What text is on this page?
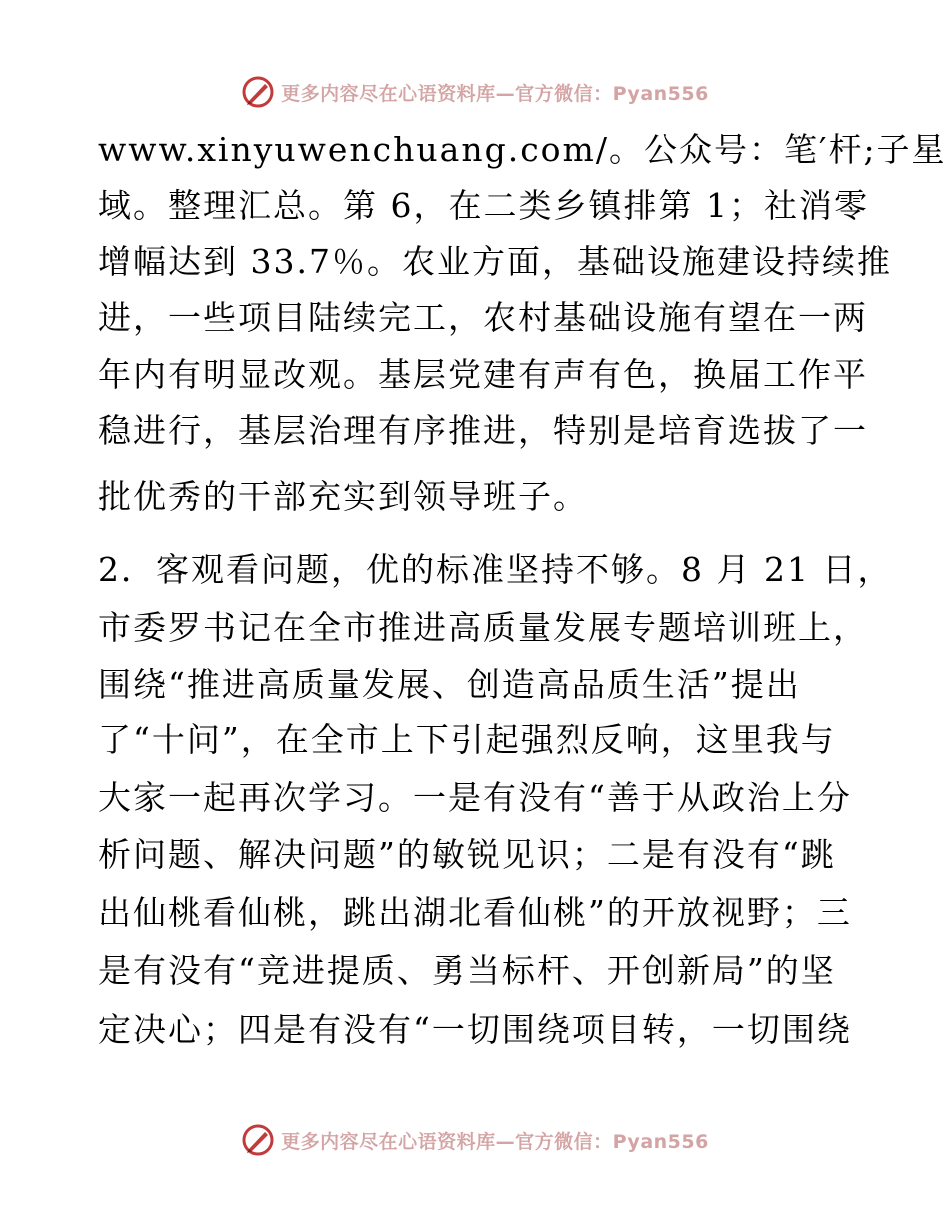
更多内容尽在心语资料库—官方微信：Pyan556
www.xinyuwenchuang.com/。公众号：笔′杆;子星
域。整理汇总。第 6，在二类乡镇排第 1；社消零
增幅达到 33.7％。农业方面，基础设施建设持续推
进，一些项目陆续完工，农村基础设施有望在一两
年内有明显改观。基层党建有声有色，换届工作平
稳进行，基层治理有序推进，特别是培育选拔了一
批优秀的干部充实到领导班子。
2．客观看问题，优的标准坚持不够。8 月 21 日，
市委罗书记在全市推进高质量发展专题培训班上，
围绕“推进高质量发展、创造高品质生活”提出
了“十问”，在全市上下引起强烈反响，这里我与
大家一起再次学习。一是有没有“善于从政治上分
析问题、解决问题”的敏锐见识；二是有没有“跳
出仙桃看仙桃，跳出湖北看仙桃”的开放视野；三
是有没有“竞进提质、勇当标杆、开创新局”的坚
定决心；四是有没有“一切围绕项目转，一切围绕
更多内容尽在心语资料库—官方微信：Pyan556
